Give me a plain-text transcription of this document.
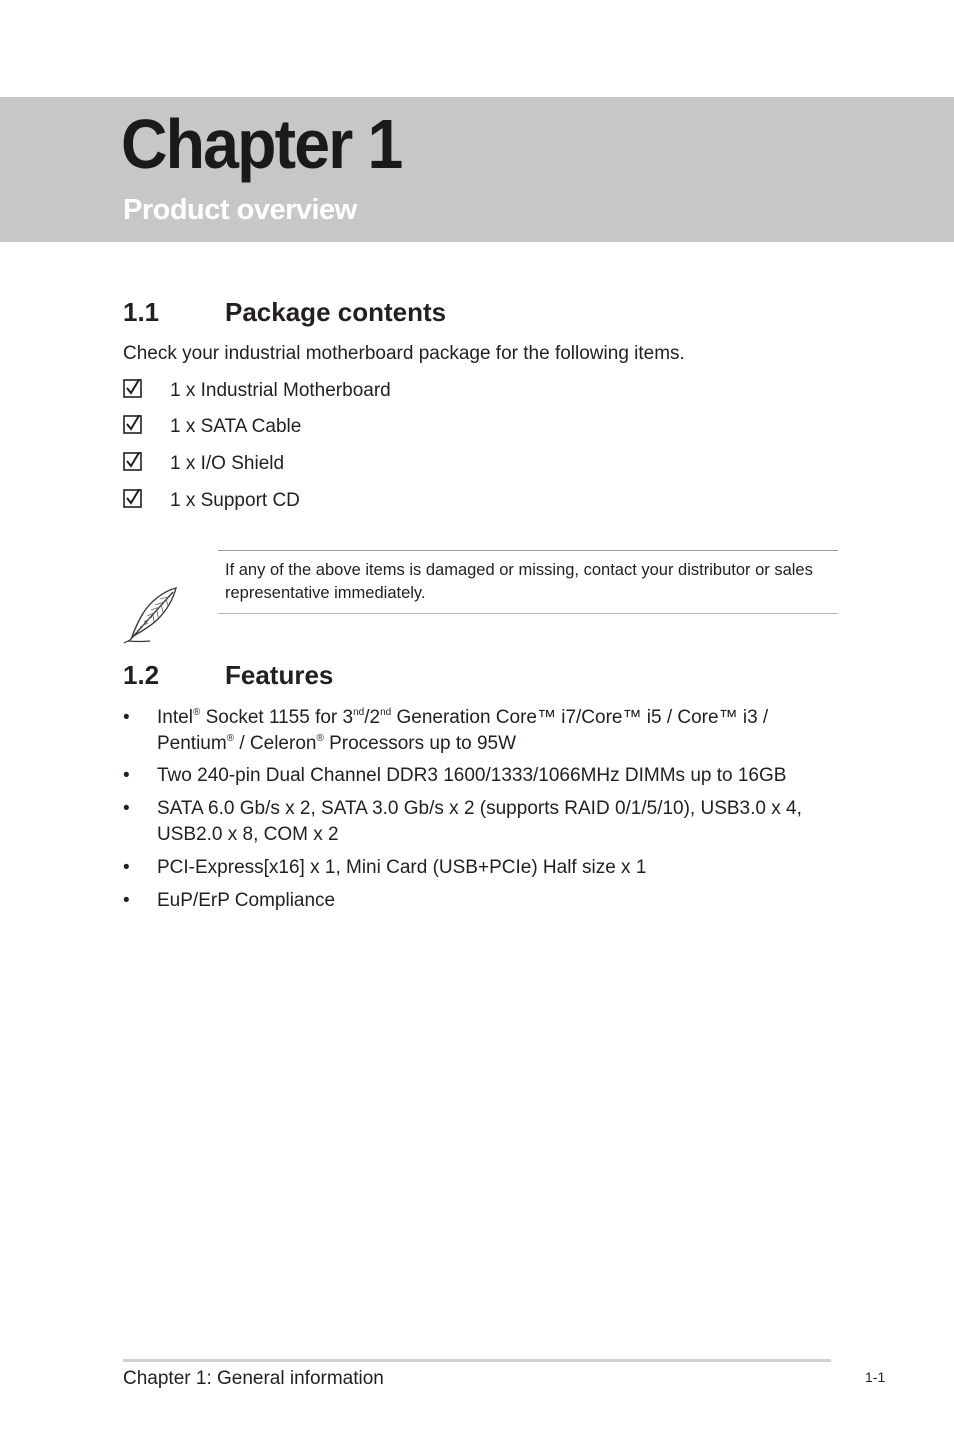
Chapter 1
Product overview
1.1	Package contents

Check your industrial motherboard package for the following items.

1 x Industrial Motherboard
1 x SATA Cable
1 x I/O Shield
1 x Support CD

If any of the above items is damaged or missing, contact your distributor or sales representative immediately.

1.2	Features
• Intel® Socket 1155 for 3nd/2nd Generation Core™ i7/Core™ i5 / Core™ i3 /
Pentium® / Celeron® Processors up to 95W
• Two 240-pin Dual Channel DDR3 1600/1333/1066MHz DIMMs up to 16GB
• SATA 6.0 Gb/s x 2, SATA 3.0 Gb/s x 2 (supports RAID 0/1/5/10), USB3.0 x 4,
USB2.0 x 8, COM x 2
• PCI-Express[x16] x 1, Mini Card (USB+PCIe) Half size x 1
• EuP/ErP Compliance
Chapter 1: General information	1-1
